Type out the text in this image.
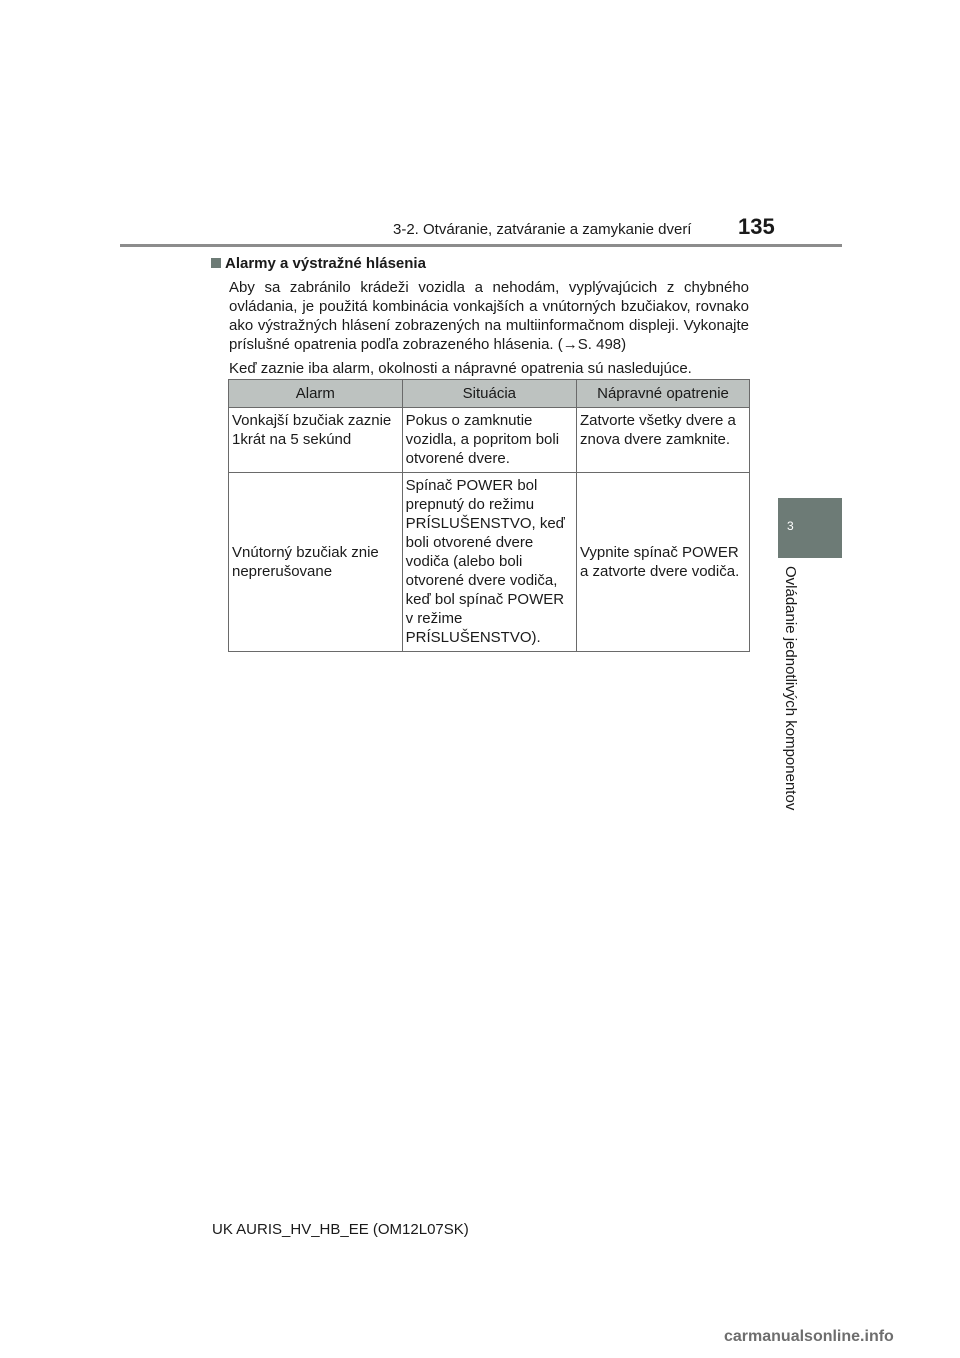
3-2. Otváranie, zatváranie a zamykanie dverí 135
3
Ovládanie jednotlivých komponentov
Alarmy a výstražné hlásenia

Aby sa zabránilo krádeži vozidla a nehodám, vyplývajúcich z chybného ovládania, je použitá kombinácia vonkajších a vnútorných bzučiakov, rovnako ako výstražných hlásení zobrazených na multiinformačnom displeji. Vykonajte príslušné opatrenia podľa zobrazeného hlásenia. (→S. 498)

Keď zaznie iba alarm, okolnosti a nápravné opatrenia sú nasledujúce.

Alarm	Situácia	Nápravné opatrenie
Vonkajší bzučiak zaznie 1krát na 5 sekúnd	Pokus o zamknutie vozidla, a popritom boli otvorené dvere.	Zatvorte všetky dvere a znova dvere zamknite.
Vnútorný bzučiak znie neprerušovane	Spínač POWER bol prepnutý do režimu PRÍSLUŠENSTVO, keď boli otvorené dvere vodiča (alebo boli otvorené dvere vodiča, keď bol spínač POWER v režime PRÍSLUŠENSTVO).	Vypnite spínač POWER a zatvorte dvere vodiča.
UK AURIS_HV_HB_EE (OM12L07SK)
carmanualsonline.info
